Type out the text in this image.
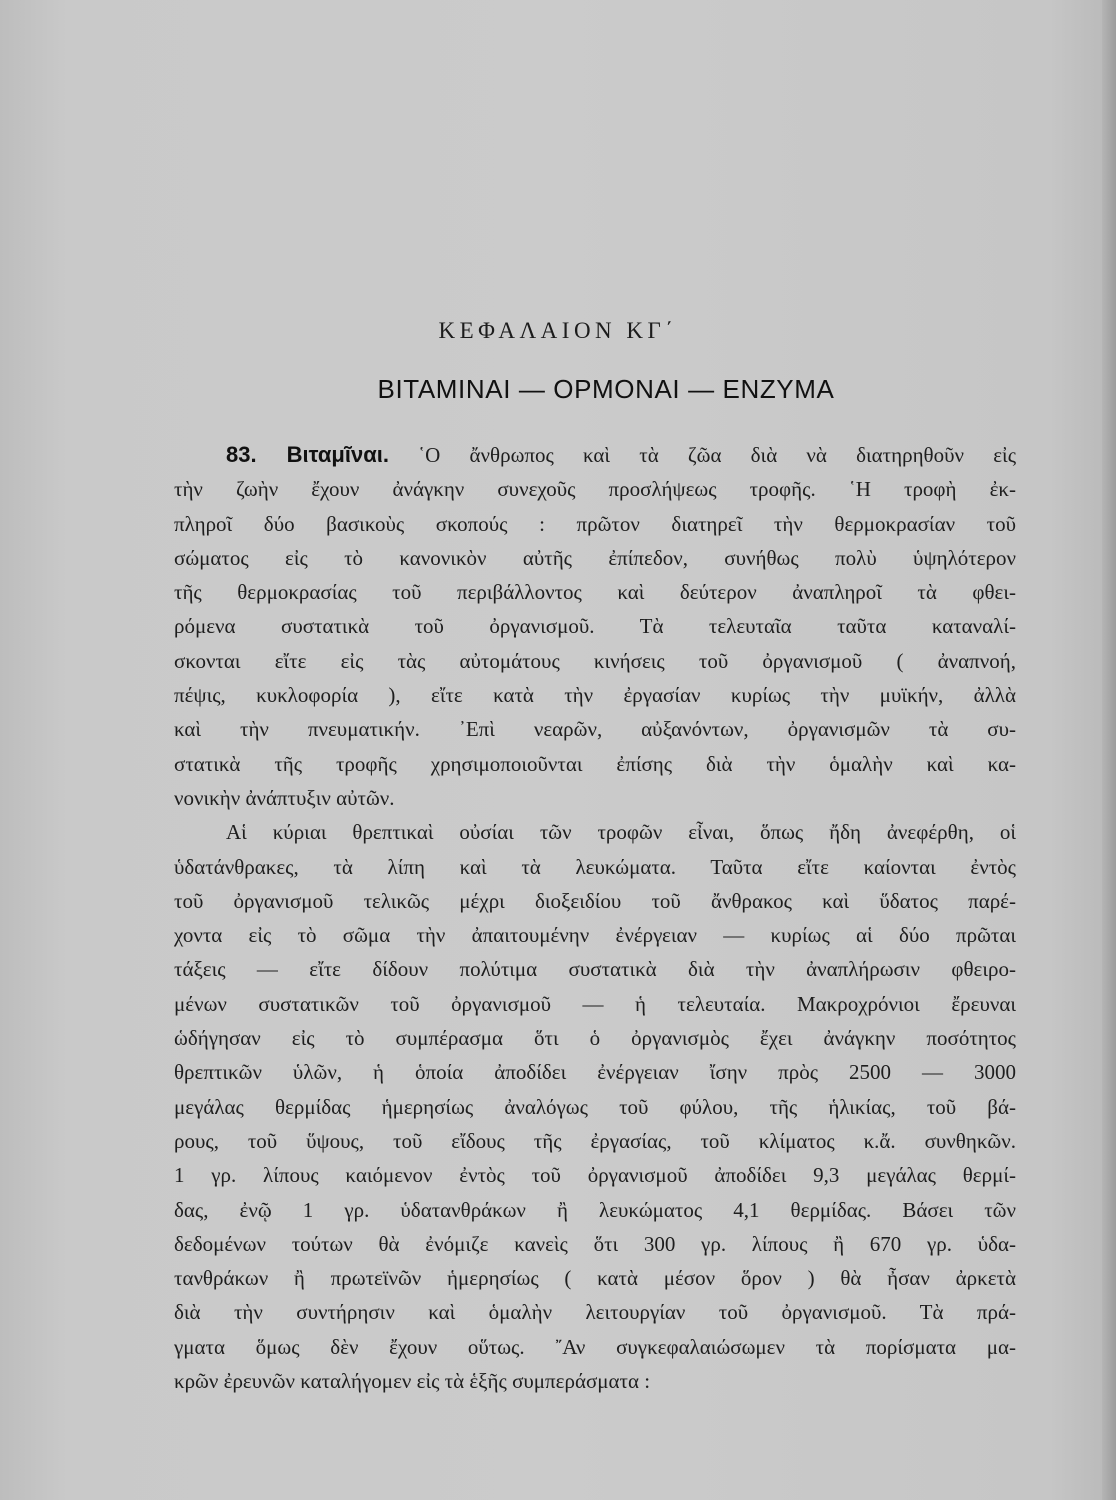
ΚΕΦΑΛΑΙΟΝ ΚΓ΄
ΒΙΤΑΜΙΝΑΙ — ΟΡΜΟΝΑΙ — ΕΝΖΥΜΑ
83. Βιταμῖναι. ῾Ο ἄνθρωπος καὶ τὰ ζῶα διὰ νὰ διατηρηθοῦν εἰς
τὴν ζωὴν ἔχουν ἀνάγκην συνεχοῦς προσλήψεως τροφῆς. ῾Η τροφὴ ἐκ-
πληροῖ δύο βασικοὺς σκοπούς : πρῶτον διατηρεῖ τὴν θερμοκρασίαν τοῦ
σώματος εἰς τὸ κανονικὸν αὐτῆς ἐπίπεδον, συνήθως πολὺ ὑψηλότερον
τῆς θερμοκρασίας τοῦ περιβάλλοντος καὶ δεύτερον ἀναπληροῖ τὰ φθει-
ρόμενα συστατικὰ τοῦ ὀργανισμοῦ. Τὰ τελευταῖα ταῦτα καταναλί-
σκονται εἴτε εἰς τὰς αὐτομάτους κινήσεις τοῦ ὀργανισμοῦ ( ἀναπνοή,
πέψις, κυκλοφορία ), εἴτε κατὰ τὴν ἐργασίαν κυρίως τὴν μυϊκήν, ἀλλὰ
καὶ τὴν πνευματικήν. ᾿Επὶ νεαρῶν, αὐξανόντων, ὀργανισμῶν τὰ συ-
στατικὰ τῆς τροφῆς χρησιμοποιοῦνται ἐπίσης διὰ τὴν ὁμαλὴν καὶ κα-
νονικὴν ἀνάπτυξιν αὐτῶν.
Αἱ κύριαι θρεπτικαὶ οὐσίαι τῶν τροφῶν εἶναι, ὅπως ἤδη ἀνεφέρθη, οἱ
ὑδατάνθρακες, τὰ λίπη καὶ τὰ λευκώματα. Ταῦτα εἴτε καίονται ἐντὸς
τοῦ ὀργανισμοῦ τελικῶς μέχρι διοξειδίου τοῦ ἄνθρακος καὶ ὕδατος παρέ-
χοντα εἰς τὸ σῶμα τὴν ἀπαιτουμένην ἐνέργειαν — κυρίως αἱ δύο πρῶται
τάξεις — εἴτε δίδουν πολύτιμα συστατικὰ διὰ τὴν ἀναπλήρωσιν φθειρο-
μένων συστατικῶν τοῦ ὀργανισμοῦ — ἡ τελευταία. Μακροχρόνιοι ἔρευναι
ὡδήγησαν εἰς τὸ συμπέρασμα ὅτι ὁ ὀργανισμὸς ἔχει ἀνάγκην ποσότητος
θρεπτικῶν ὑλῶν, ἡ ὁποία ἀποδίδει ἐνέργειαν ἴσην πρὸς 2500 — 3000
μεγάλας θερμίδας ἡμερησίως ἀναλόγως τοῦ φύλου, τῆς ἡλικίας, τοῦ βά-
ρους, τοῦ ὕψους, τοῦ εἴδους τῆς ἐργασίας, τοῦ κλίματος κ.ἄ. συνθηκῶν.
1 γρ. λίπους καιόμενον ἐντὸς τοῦ ὀργανισμοῦ ἀποδίδει 9,3 μεγάλας θερμί-
δας, ἐνῷ 1 γρ. ὑδατανθράκων ἢ λευκώματος 4,1 θερμίδας. Βάσει τῶν
δεδομένων τούτων θὰ ἐνόμιζε κανεὶς ὅτι 300 γρ. λίπους ἢ 670 γρ. ὑδα-
τανθράκων ἢ πρωτεϊνῶν ἡμερησίως ( κατὰ μέσον ὅρον ) θὰ ἦσαν ἀρκετὰ
διὰ τὴν συντήρησιν καὶ ὁμαλὴν λειτουργίαν τοῦ ὀργανισμοῦ. Τὰ πρά-
γματα ὅμως δὲν ἔχουν οὕτως. ῎Αν συγκεφαλαιώσωμεν τὰ πορίσματα μα-
κρῶν ἐρευνῶν καταλήγομεν εἰς τὰ ἑξῆς συμπεράσματα :
